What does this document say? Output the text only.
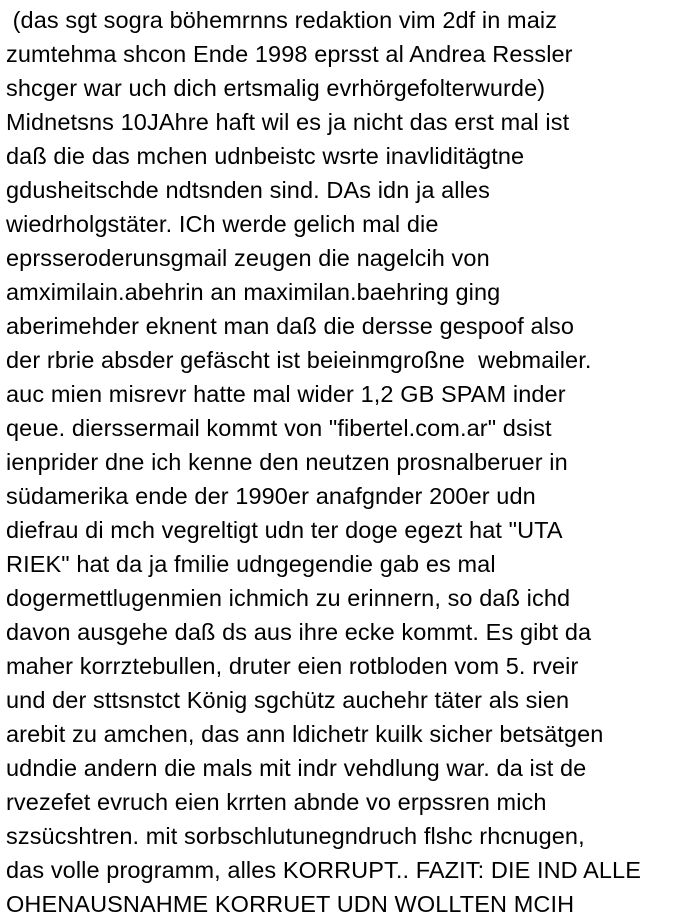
(das sgt sogra böhemrnns redaktion vim 2df in maiz
zumtehma shcon Ende 1998 eprsst al Andrea Ressler
shcger war uch dich ertsmalig evrhörgefolterwurde)
Midnetsns 10JAhre haft wil es ja nicht das erst mal ist
daß die das mchen udnbeistc wsrte inavliditägtne
gdusheitschde ndtsnden sind. DAs idn ja alles
wiedrholgstäter. ICh werde gelich mal die
eprsseroderunsgmail zeugen die nagelcih von
amximilain.abehrin an maximilan.baehring ging
aberimehder eknent man daß die dersse gespoof also
der rbrie absder gefäscht ist beieinmgroßne  webmailer.
auc mien misrevr hatte mal wider 1,2 GB SPAM inder
qeue. dierssermail kommt von "fibertel.com.ar" dsist
ienprider dne ich kenne den neutzen prosnalberuer in
südamerika ende der 1990er anafgnder 200er udn
diefrau di mch vegreltigt udn ter doge egezt hat "UTA
RIEK" hat da ja fmilie udngegendie gab es mal
dogermettlugenmien ichmich zu erinnern, so daß ichd
davon ausgehe daß ds aus ihre ecke kommt. Es gibt da
maher korrztebullen, druter eien rotbloden vom 5. rveir
und der sttsnstct König sgchütz auchehr täter als sien
arebit zu amchen, das ann ldichetr kuilk sicher betsätgen
udndie andern die mals mit indr vehdlung war. da ist de
rvezefet evruch eien krrten abnde vo erpssren mich
szsücshtren. mit sorbschlutunegndruch flshc rhcnugen,
das volle programm, alles KORRUPT.. FAZIT: DIE IND ALLE
OHENAUSNAHME KORRUET UDN WOLLTEN MCIH
